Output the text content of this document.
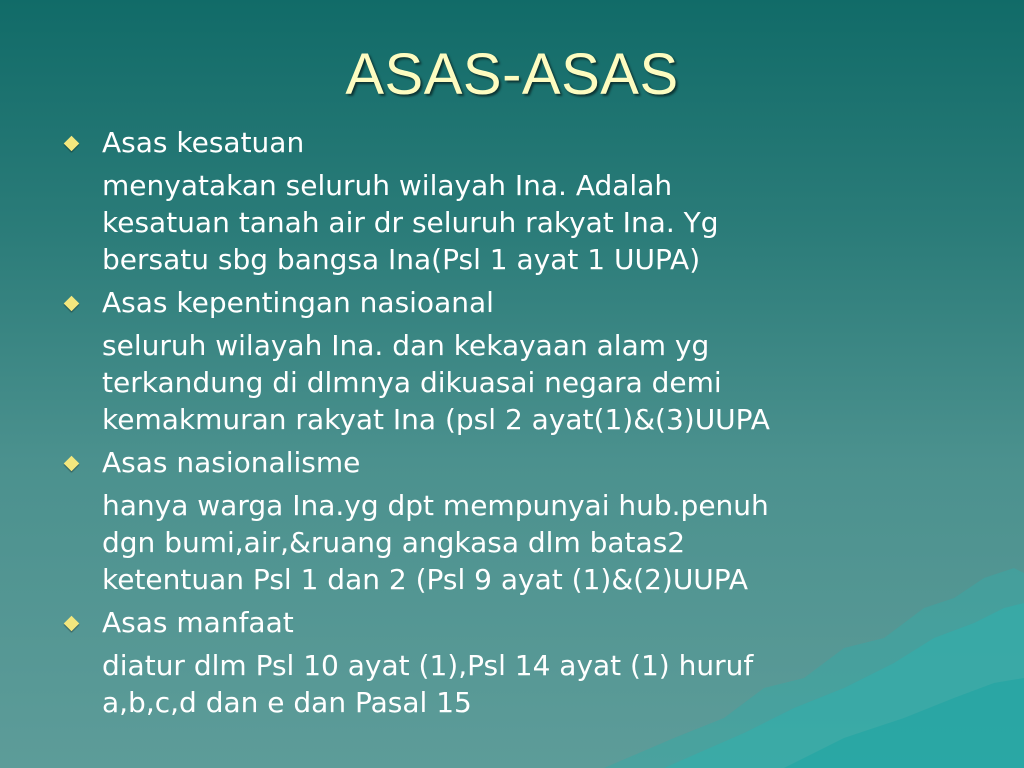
ASAS-ASAS
Asas kesatuan
menyatakan seluruh wilayah Ina. Adalah
kesatuan tanah air dr seluruh rakyat Ina. Yg
bersatu sbg bangsa Ina(Psl 1 ayat 1 UUPA)
Asas kepentingan nasioanal
seluruh wilayah Ina. dan kekayaan alam yg
terkandung di dlmnya dikuasai negara demi
kemakmuran rakyat Ina (psl 2 ayat(1)&(3)UUPA
Asas nasionalisme
hanya warga Ina.yg dpt mempunyai hub.penuh
dgn bumi,air,&ruang angkasa dlm batas2
ketentuan Psl 1 dan 2 (Psl 9 ayat (1)&(2)UUPA
Asas manfaat
diatur dlm Psl 10 ayat (1),Psl 14 ayat (1) huruf
a,b,c,d dan e dan Pasal 15
